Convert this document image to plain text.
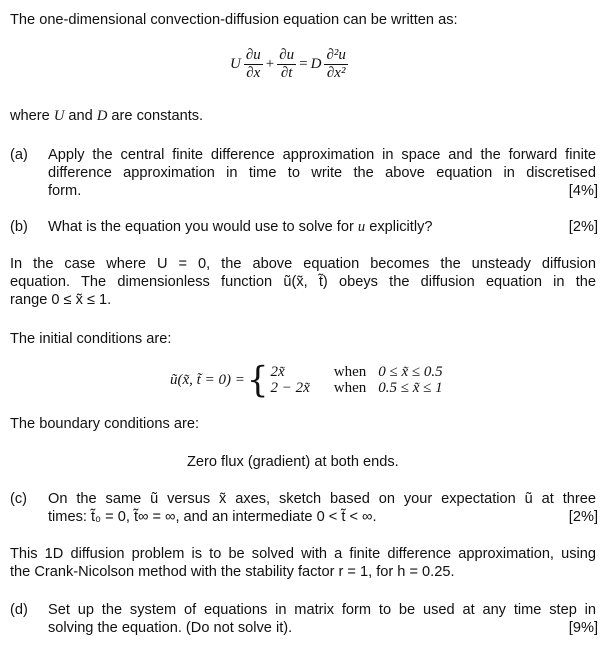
The one-dimensional convection-diffusion equation can be written as:
U $\frac{\partial u}{\partial x} + \frac{\partial u}{\partial t} = D \frac{\text{∂²u}}{\text{∂x²}}$
where U and D are constants.
(a) Apply the central finite difference approximation in space and the forward finite
difference approximation in time to write the above equation in discretised
form.	[4%]
(b) What is the equation you would use to solve for u explicitly?	[2%]
In the case where U = 0, the above equation becomes the unsteady diffusion
equation. The dimensionless function ũ(x̃, t̃) obeys the diffusion equation in the
range 0 ≤ x̃ ≤ 1.
The initial conditions are:
ũ(x̃, t̃ = 0) = { 2x̃
2 − 2x̃
when 0 ≤ x̃ ≤ 0.5
when 0.5 ≤ x̃ ≤ 1
The boundary conditions are:
Zero flux (gradient) at both ends.
(c) On the same ũ versus x̃ axes, sketch based on your expectation ũ at three
times: t̃₀ = 0, t̃∞ = ∞, and an intermediate 0 < t̃ < ∞.	[2%]
This 1D diffusion problem is to be solved with a finite difference approximation, using
the Crank-Nicolson method with the stability factor r = 1, for h = 0.25.
(d) Set up the system of equations in matrix form to be used at any time step in
solving the equation. (Do not solve it).	[9%]
